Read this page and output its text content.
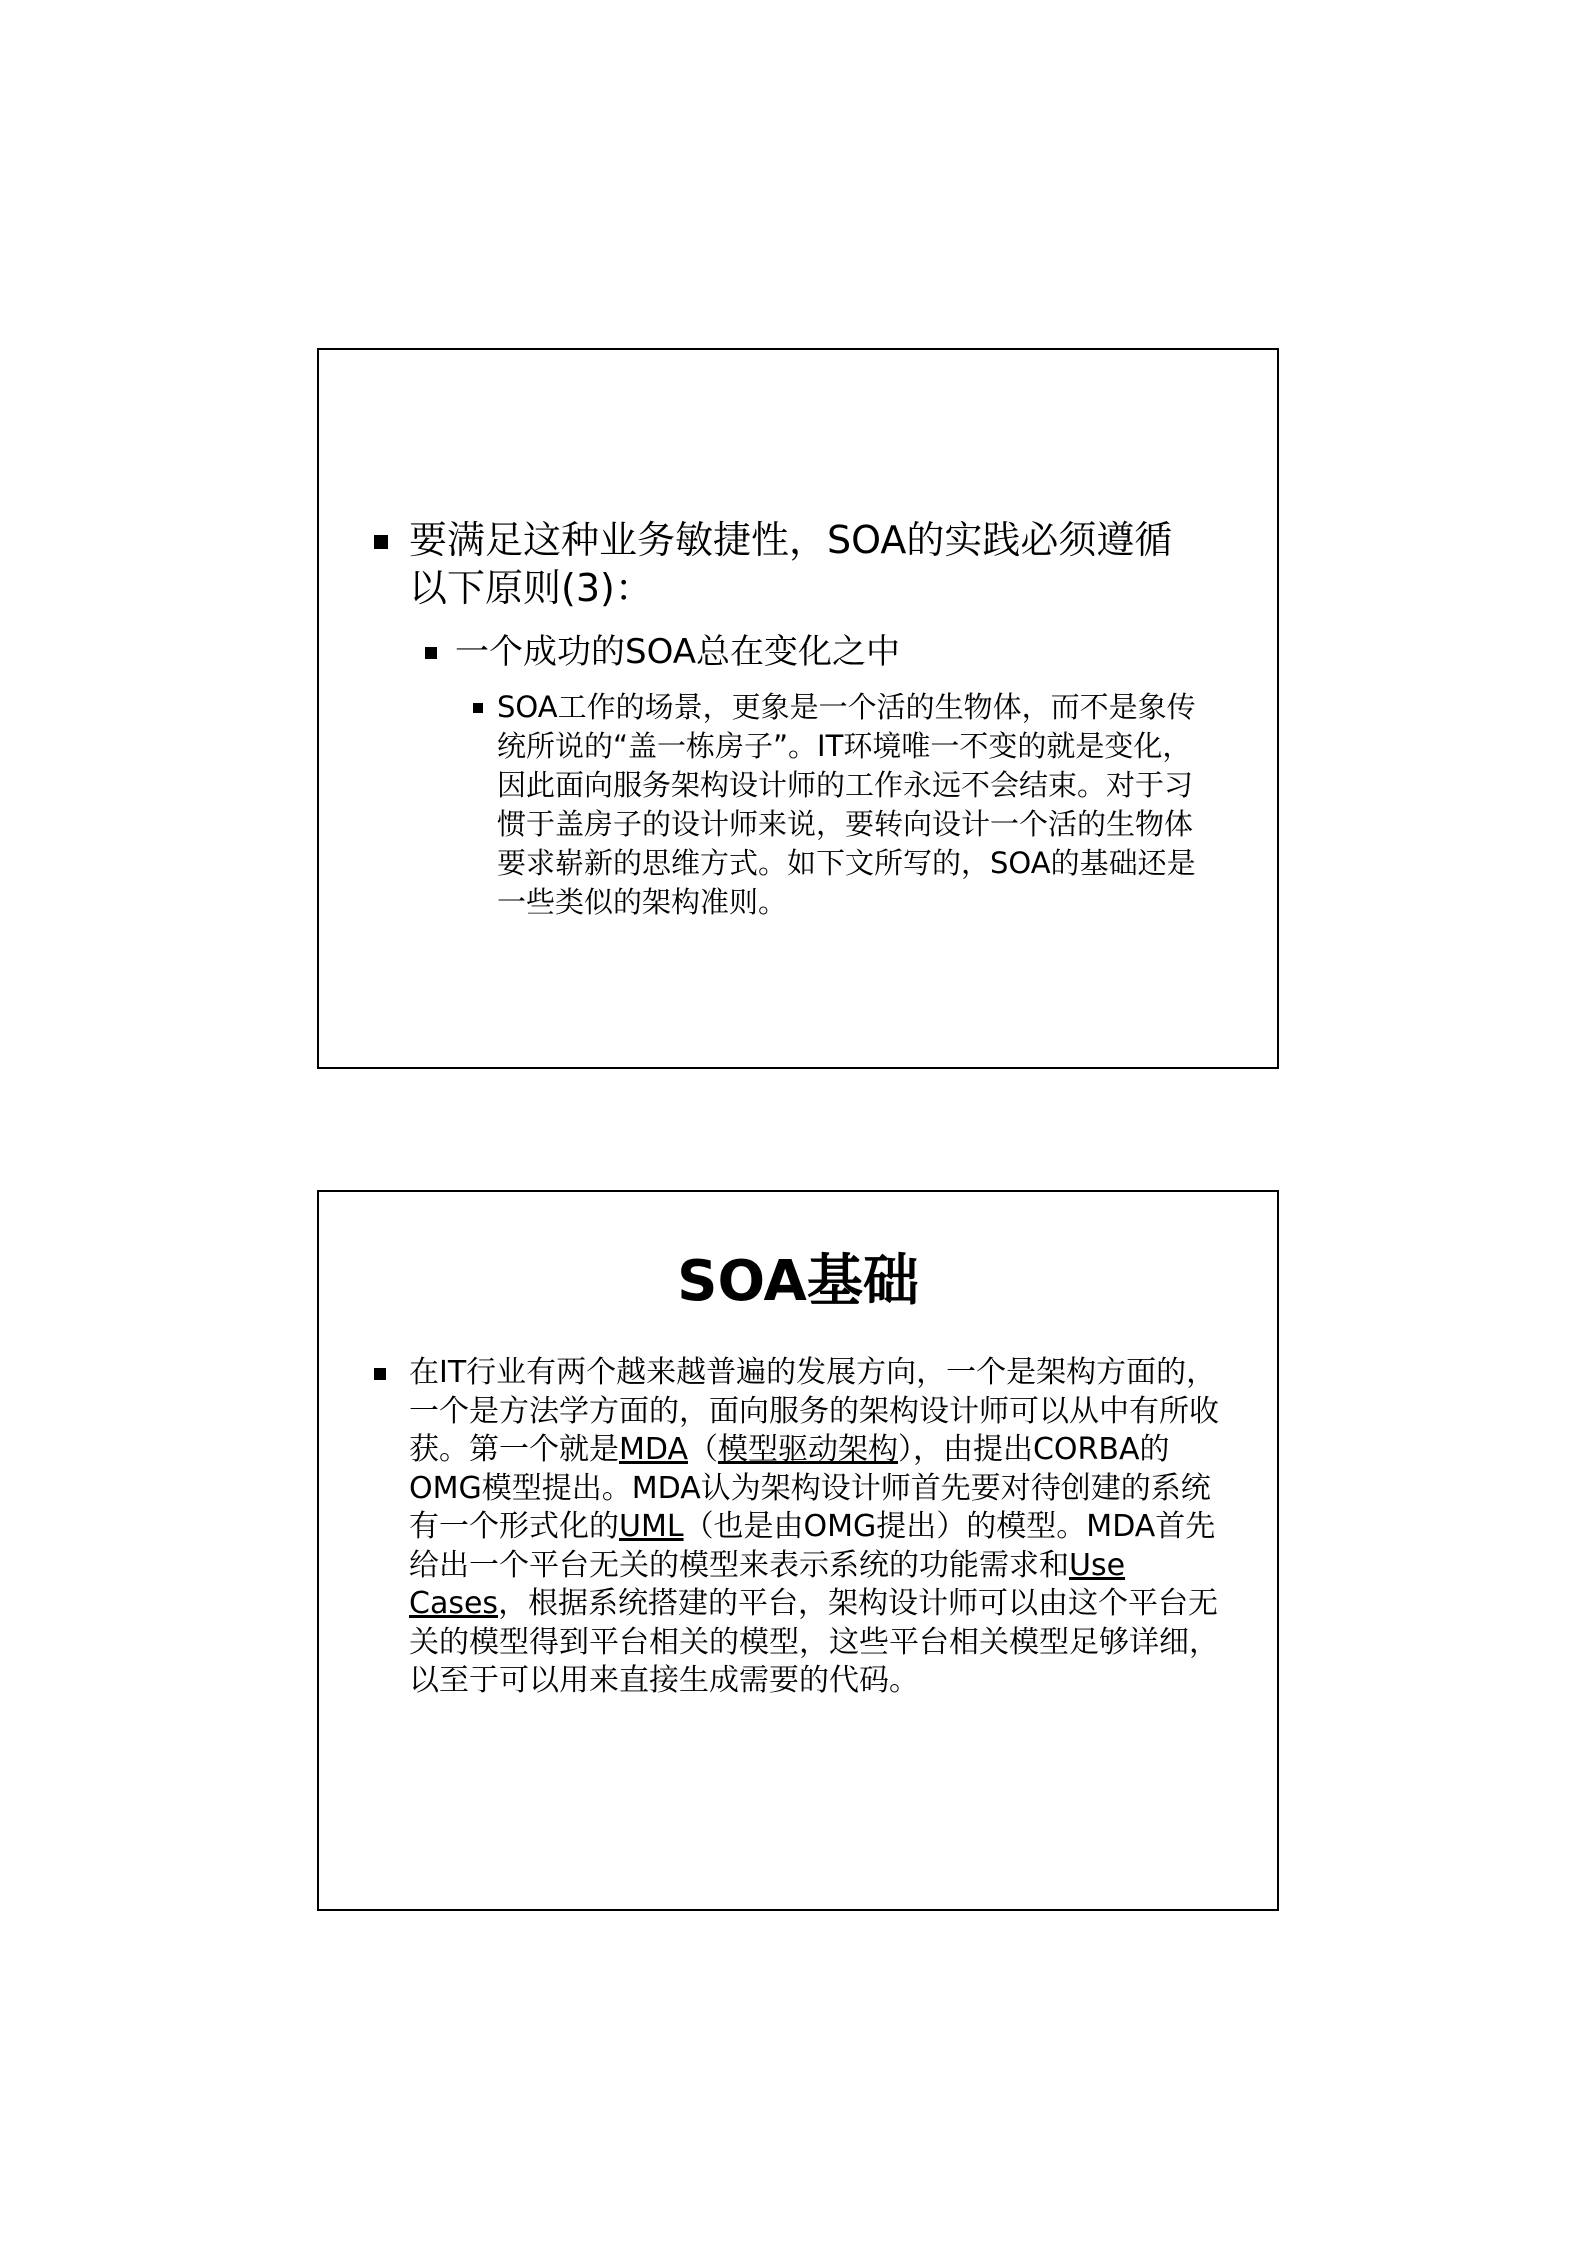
要满足这种业务敏捷性，SOA的实践必须遵循以下原则(3)：
一个成功的SOA总在变化之中
SOA工作的场景，更象是一个活的生物体，而不是象传统所说的“盖一栋房子”。IT环境唯一不变的就是变化，因此面向服务架构设计师的工作永远不会结束。对于习惯于盖房子的设计师来说，要转向设计一个活的生物体要求崭新的思维方式。如下文所写的，SOA的基础还是一些类似的架构准则。
SOA基础
在IT行业有两个越来越普遍的发展方向，一个是架构方面的，一个是方法学方面的，面向服务的架构设计师可以从中有所收获。第一个就是MDA（模型驱动架构），由提出CORBA的OMG模型提出。MDA认为架构设计师首先要对待创建的系统有一个形式化的UML（也是由OMG提出）的模型。MDA首先给出一个平台无关的模型来表示系统的功能需求和Use Cases，根据系统搭建的平台，架构设计师可以由这个平台无关的模型得到平台相关的模型，这些平台相关模型足够详细，以至于可以用来直接生成需要的代码。
